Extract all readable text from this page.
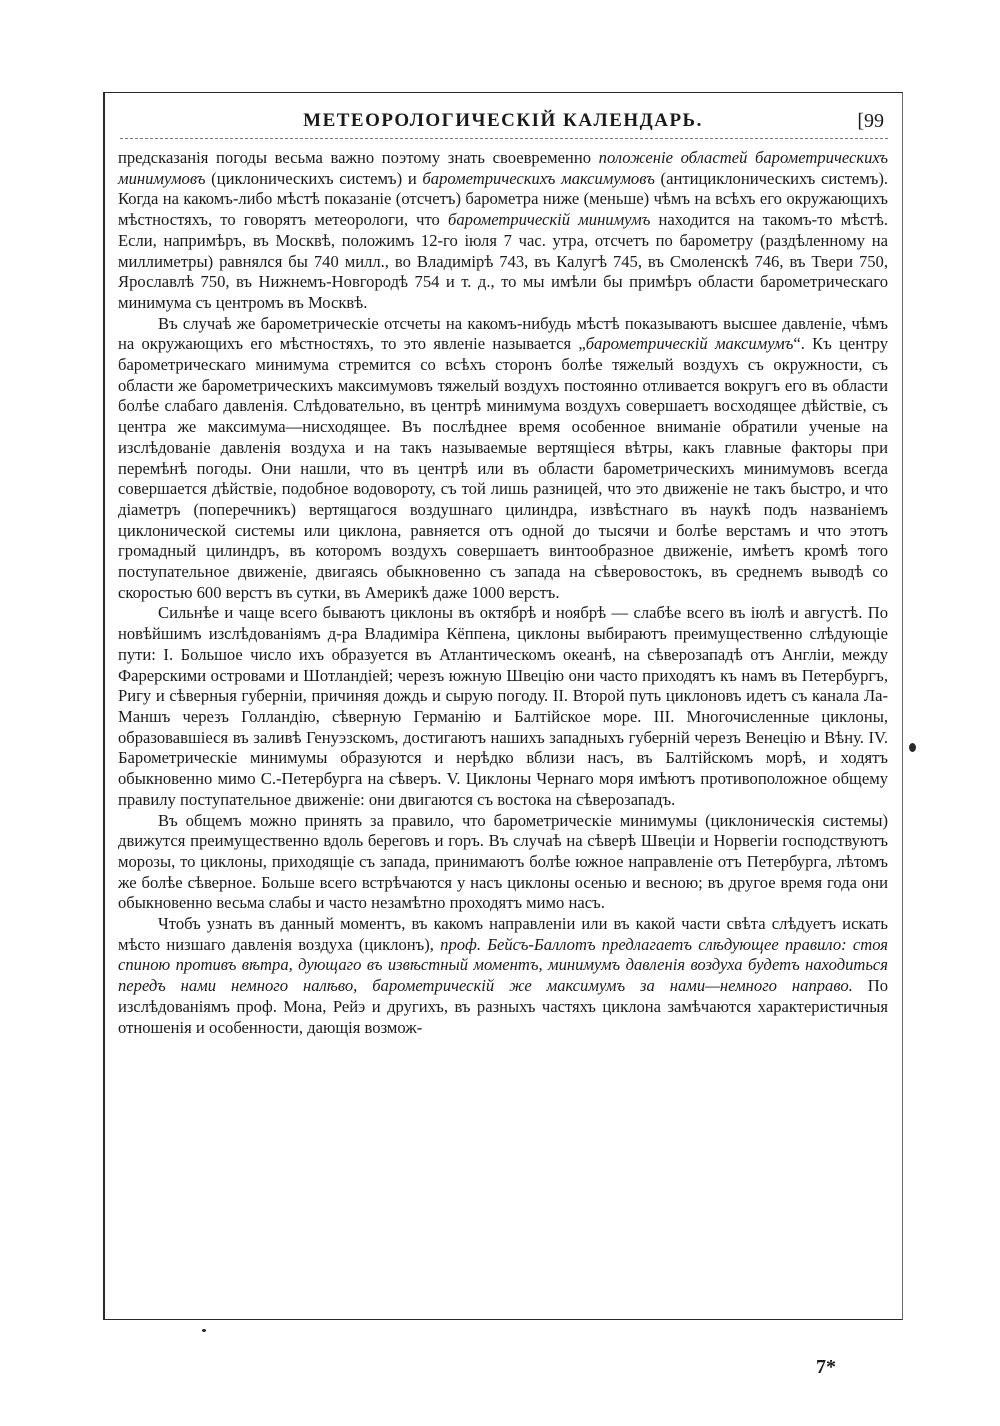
МЕТЕОРОЛОГИЧЕСКІЙ КАЛЕНДАРЬ.	[99

предсказанія погоды весьма важно поэтому знать своевременно положеніе областей барометрическихъ минимумовъ (циклоническихъ системъ) и барометрическихъ максимумовъ (антициклоническихъ системъ). Когда на какомъ-либо мѣстѣ показаніе (отсчетъ) барометра ниже (меньше) чѣмъ на всѣхъ его окружающихъ мѣстностяхъ, то говорятъ метеорологи, что барометрическій минимумъ находится на такомъ-то мѣстѣ. Если, напримѣръ, въ Москвѣ, положимъ 12-го іюля 7 час. утра, отсчетъ по барометру (раздѣленному на миллиметры) равнялся бы 740 милл., во Владимірѣ 743, въ Калугѣ 745, въ Смоленскѣ 746, въ Твери 750, Ярославлѣ 750, въ Нижнемъ-Новгородѣ 754 и т. д., то мы имѣли бы примѣръ области барометрическаго минимума съ центромъ въ Москвѣ.

Въ случаѣ же барометрическіе отсчеты на какомъ-нибудь мѣстѣ показываютъ высшее давленіе, чѣмъ на окружающихъ его мѣстностяхъ, то это явленіе называется „барометрическій максимумъ“. Къ центру барометрическаго минимума стремится со всѣхъ сторонъ болѣе тяжелый воздухъ съ окружности, съ области же барометрическихъ максимумовъ тяжелый воздухъ постоянно отливается вокругъ его въ области болѣе слабаго давленія. Слѣдовательно, въ центрѣ минимума воздухъ совершаетъ восходящее дѣйствіе, съ центра же максимума—нисходящее. Въ послѣднее время особенное вниманіе обратили ученые на изслѣдованіе давленія воздуха и на такъ называемые вертящіеся вѣтры, какъ главные факторы при перемѣнѣ погоды. Они нашли, что въ центрѣ или въ области барометрическихъ минимумовъ всегда совершается дѣйствіе, подобное водовороту, съ той лишь разницей, что это движеніе не такъ быстро, и что діаметръ (поперечникъ) вертящагося воздушнаго цилиндра, извѣстнаго въ наукѣ подъ названіемъ циклонической системы или циклона, равняется отъ одной до тысячи и болѣе верстамъ и что этотъ громадный цилиндръ, въ которомъ воздухъ совершаетъ винтообразное движеніе, имѣетъ кромѣ того поступательное движеніе, двигаясь обыкновенно съ запада на сѣверовостокъ, въ среднемъ выводѣ со скоростью 600 верстъ въ сутки, въ Америкѣ даже 1000 верстъ.

Сильнѣе и чаще всего бываютъ циклоны въ октябрѣ и ноябрѣ — слабѣе всего въ іюлѣ и августѣ. По новѣйшимъ изслѣдованіямъ д-ра Владиміра Кёппена, циклоны выбираютъ преимущественно слѣдующіе пути: I. Большое число ихъ образуется въ Атлантическомъ океанѣ, на сѣверозападѣ отъ Англіи, между Фарерскими островами и Шотландіей; черезъ южную Швецію они часто приходятъ къ намъ въ Петербургъ, Ригу и сѣверныя губерніи, причиняя дождь и сырую погоду. II. Второй путь циклоновъ идетъ съ канала Ла-Маншъ черезъ Голландію, сѣверную Германію и Балтійское море. III. Многочисленные циклоны, образовавшіеся въ заливѣ Генуэзскомъ, достигаютъ нашихъ западныхъ губерній черезъ Венецію и Вѣну. IV. Барометрическіе минимумы образуются и нерѣдко вблизи насъ, въ Балтійскомъ морѣ, и ходятъ обыкновенно мимо С.-Петербурга на сѣверъ. V. Циклоны Чернаго моря имѣютъ противоположное общему правилу поступательное движеніе: они двигаются съ востока на сѣверозападъ.

Въ общемъ можно принять за правило, что барометрическіе минимумы (циклоническія системы) движутся преимущественно вдоль береговъ и горъ. Въ случаѣ на сѣверѣ Швеціи и Норвегіи господствуютъ морозы, то циклоны, приходящіе съ запада, принимаютъ болѣе южное направленіе отъ Петербурга, лѣтомъ же болѣе сѣверное. Больше всего встрѣчаются у насъ циклоны осенью и весною; въ другое время года они обыкновенно весьма слабы и часто незамѣтно проходятъ мимо насъ.

Чтобъ узнать въ данный моментъ, въ какомъ направленіи или въ какой части свѣта слѣдуетъ искать мѣсто низшаго давленія воздуха (циклонъ), проф. Бейсъ-Баллотъ предлагаетъ слѣдующее правило: стоя спиною противъ вѣтра, дующаго въ извѣстный моментъ, минимумъ давленія воздуха будетъ находиться передъ нами немного налѣво, барометрическій же максимумъ за нами—немного направо. По изслѣдованіямъ проф. Мона, Рейэ и другихъ, въ разныхъ частяхъ циклона замѣчаются характеристичныя отношенія и особенности, дающія возмож-

7*
